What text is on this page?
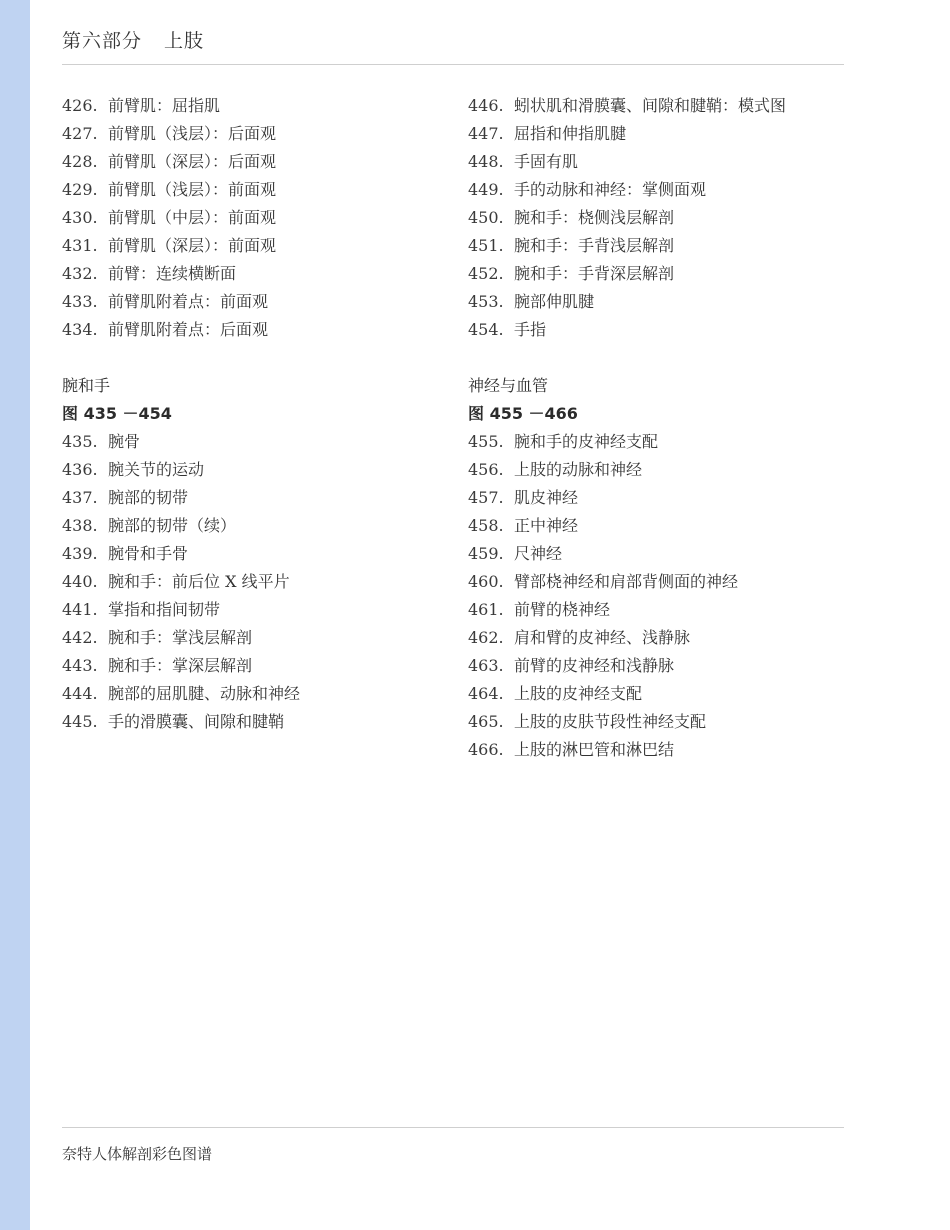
第六部分 上肢
426. 前臂肌：屈指肌
427. 前臂肌（浅层）：后面观
428. 前臂肌（深层）：后面观
429. 前臂肌（浅层）：前面观
430. 前臂肌（中层）：前面观
431. 前臂肌（深层）：前面观
432. 前臂：连续横断面
433. 前臂肌附着点：前面观
434. 前臂肌附着点：后面观
腕和手
图 435 －454
435. 腕骨
436. 腕关节的运动
437. 腕部的韧带
438. 腕部的韧带（续）
439. 腕骨和手骨
440. 腕和手：前后位 X 线平片
441. 掌指和指间韧带
442. 腕和手：掌浅层解剖
443. 腕和手：掌深层解剖
444. 腕部的屈肌腱、动脉和神经
445. 手的滑膜囊、间隙和腱鞘
446. 蚓状肌和滑膜囊、间隙和腱鞘：模式图
447. 屈指和伸指肌腱
448. 手固有肌
449. 手的动脉和神经：掌侧面观
450. 腕和手：桡侧浅层解剖
451. 腕和手：手背浅层解剖
452. 腕和手：手背深层解剖
453. 腕部伸肌腱
454. 手指
神经与血管
图 455 －466
455. 腕和手的皮神经支配
456. 上肢的动脉和神经
457. 肌皮神经
458. 正中神经
459. 尺神经
460. 臂部桡神经和肩部背侧面的神经
461. 前臂的桡神经
462. 肩和臂的皮神经、浅静脉
463. 前臂的皮神经和浅静脉
464. 上肢的皮神经支配
465. 上肢的皮肤节段性神经支配
466. 上肢的淋巴管和淋巴结
奈特人体解剖彩色图谱
